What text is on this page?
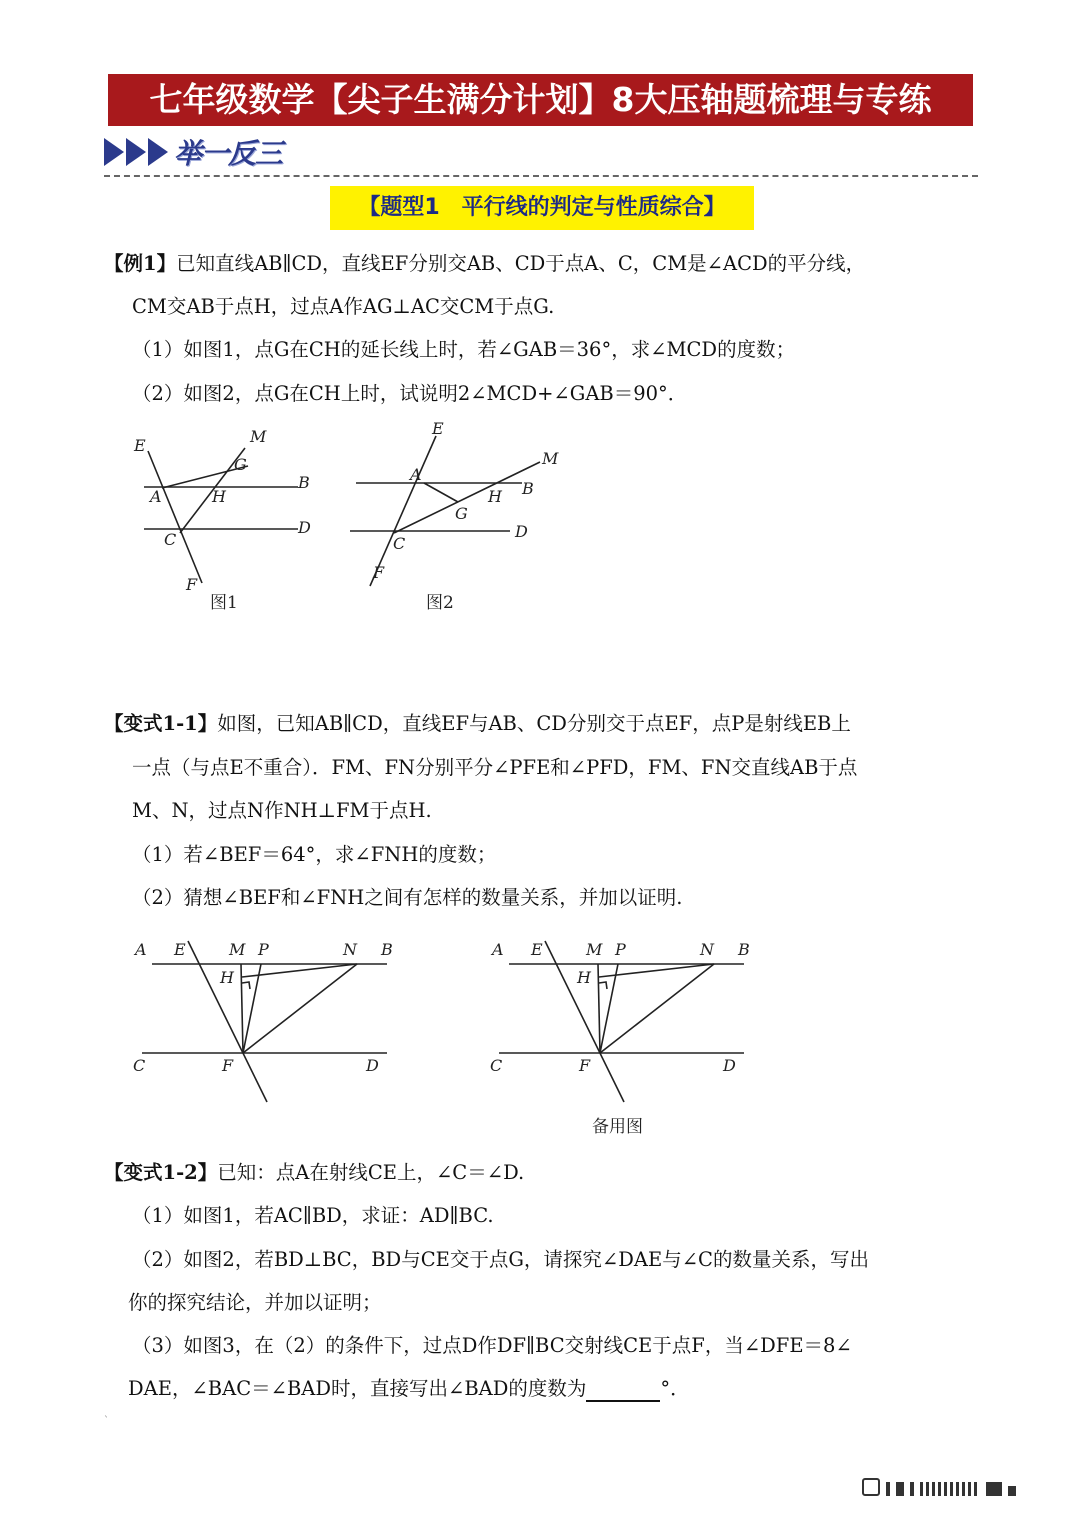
七年级数学【尖子生满分计划】8大压轴题梳理与专练
举一反三
【题型1　平行线的判定与性质综合】
【例1】已知直线AB∥CD，直线EF分别交AB、CD于点A、C，CM是∠ACD的平分线，
CM交AB于点H，过点A作AG⊥AC交CM于点G.
（1）如图1，点G在CH的延长线上时，若∠GAB＝36°，求∠MCD的度数；
（2）如图2，点G在CH上时，试说明2∠MCD+∠GAB＝90°．
E	M
G
A	H
B
C
D
F
图1
E
M
A
H B
G
C
D
F
图2
【变式1-1】如图，已知AB∥CD，直线EF与AB、CD分别交于点EF，点P是射线EB上
一点（与点E不重合）．FM、FN分别平分∠PFE和∠PFD，FM、FN交直线AB于点
M、N，过点N作NH⊥FM于点H.
（1）若∠BEF＝64°，求∠FNH的度数；
（2）猜想∠BEF和∠FNH之间有怎样的数量关系，并加以证明.
A E	M P	N B
H
C	F	D
A E	M P	N B
H
C	F	D
备用图
【变式1-2】已知：点A在射线CE上，∠C＝∠D.
（1）如图1，若AC∥BD，求证：AD∥BC.
（2）如图2，若BD⊥BC，BD与CE交于点G，请探究∠DAE与∠C的数量关系，写出
你的探究结论，并加以证明；
（3）如图3，在（2）的条件下，过点D作DF∥BC交射线CE于点F，当∠DFE＝8∠
DAE，∠BAC＝∠BAD时，直接写出∠BAD的度数为	°．
`
